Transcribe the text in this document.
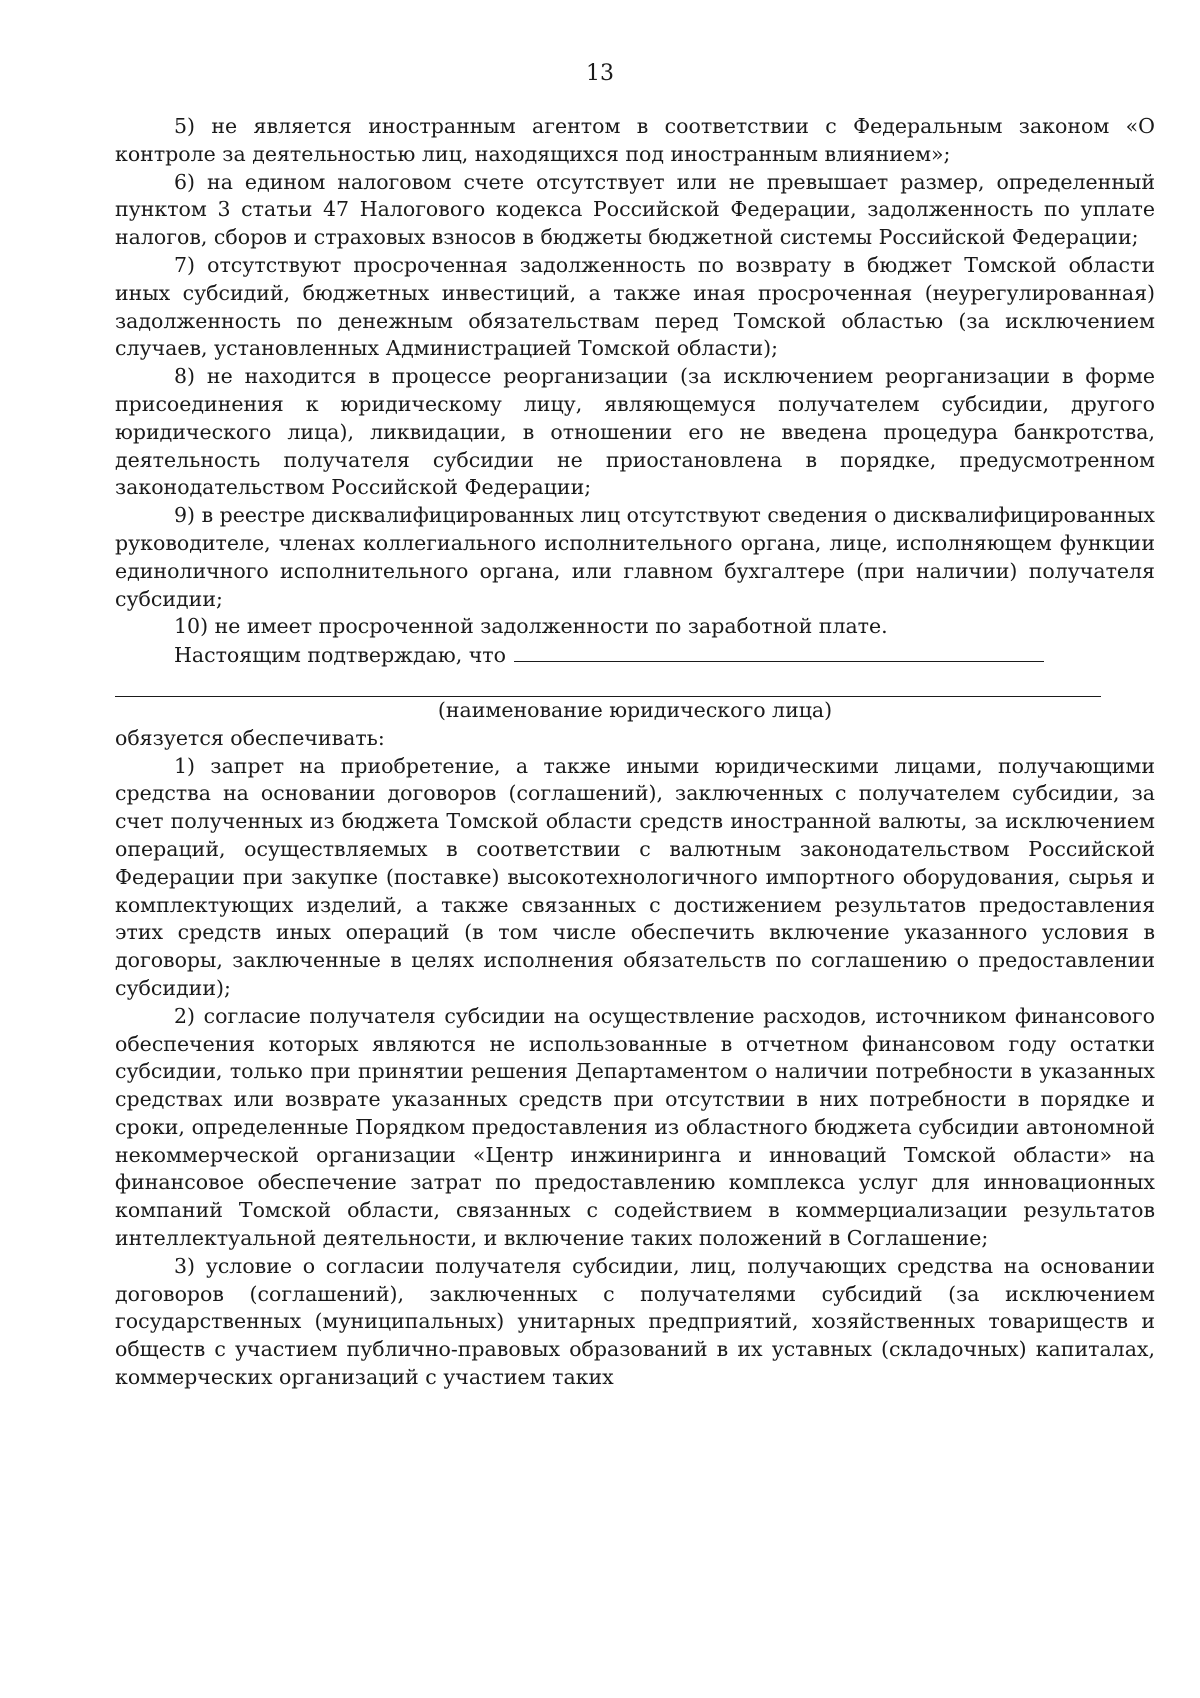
13

5) не является иностранным агентом в соответствии с Федеральным законом «О контроле за деятельностью лиц, находящихся под иностранным влиянием»;

6) на едином налоговом счете отсутствует или не превышает размер, определенный пунктом 3 статьи 47 Налогового кодекса Российской Федерации, задолженность по уплате налогов, сборов и страховых взносов в бюджеты бюджетной системы Российской Федерации;

7) отсутствуют просроченная задолженность по возврату в бюджет Томской области иных субсидий, бюджетных инвестиций, а также иная просроченная (неурегулированная) задолженность по денежным обязательствам перед Томской областью (за исключением случаев, установленных Администрацией Томской области);

8) не находится в процессе реорганизации (за исключением реорганизации в форме присоединения к юридическому лицу, являющемуся получателем субсидии, другого юридического лица), ликвидации, в отношении его не введена процедура банкротства, деятельность получателя субсидии не приостановлена в порядке, предусмотренном законодательством Российской Федерации;

9) в реестре дисквалифицированных лиц отсутствуют сведения о дисквалифицированных руководителе, членах коллегиального исполнительного органа, лице, исполняющем функции единоличного исполнительного органа, или главном бухгалтере (при наличии) получателя субсидии;

10) не имеет просроченной задолженности по заработной плате.

Настоящим подтверждаю, что

(наименование юридического лица)

обязуется обеспечивать:

1) запрет на приобретение, а также иными юридическими лицами, получающими средства на основании договоров (соглашений), заключенных с получателем субсидии, за счет полученных из бюджета Томской области средств иностранной валюты, за исключением операций, осуществляемых в соответствии с валютным законодательством Российской Федерации при закупке (поставке) высокотехнологичного импортного оборудования, сырья и комплектующих изделий, а также связанных с достижением результатов предоставления этих средств иных операций (в том числе обеспечить включение указанного условия в договоры, заключенные в целях исполнения обязательств по соглашению о предоставлении субсидии);

2) согласие получателя субсидии на осуществление расходов, источником финансового обеспечения которых являются не использованные в отчетном финансовом году остатки субсидии, только при принятии решения Департаментом о наличии потребности в указанных средствах или возврате указанных средств при отсутствии в них потребности в порядке и сроки, определенные Порядком предоставления из областного бюджета субсидии автономной некоммерческой организации «Центр инжиниринга и инноваций Томской области» на финансовое обеспечение затрат по предоставлению комплекса услуг для инновационных компаний Томской области, связанных с содействием в коммерциализации результатов интеллектуальной деятельности, и включение таких положений в Соглашение;

3) условие о согласии получателя субсидии, лиц, получающих средства на основании договоров (соглашений), заключенных с получателями субсидий (за исключением государственных (муниципальных) унитарных предприятий, хозяйственных товариществ и обществ с участием публично-правовых образований в их уставных (складочных) капиталах, коммерческих организаций с участием таких
